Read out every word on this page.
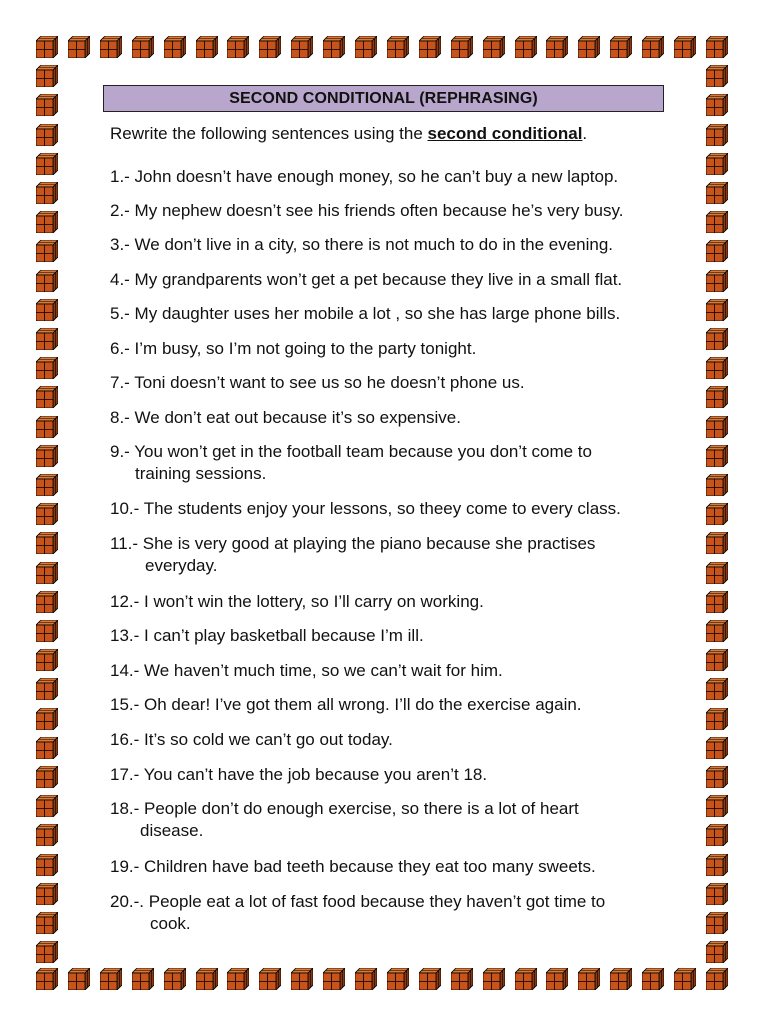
SECOND CONDITIONAL (REPHRASING)
Rewrite the following sentences using the second conditional.
1.- John doesn’t have enough money, so he can’t buy a new laptop.
2.- My nephew doesn’t see his friends often because he’s very busy.
3.- We don’t live in a city, so there is not much to do in the evening.
4.- My grandparents won’t get a pet because they live in a small flat.
5.- My daughter uses her mobile a lot , so she has large phone bills.
6.- I’m busy, so I’m not going to the party tonight.
7.- Toni doesn’t want to see us so he doesn’t phone us.
8.- We don’t eat out because it’s so expensive.
9.- You won’t get in the football team because you don’t come to
training sessions.
10.- The students enjoy your lessons, so theey come to every class.
11.- She is very good at playing the piano because she practises
everyday.
12.- I won’t win the lottery, so I’ll carry on working.
13.- I can’t play basketball because I’m ill.
14.- We haven’t much time, so we can’t wait for him.
15.- Oh dear! I’ve got them all wrong. I’ll do the exercise again.
16.- It’s so cold we can’t go out today.
17.- You can’t have the job because you aren’t 18.
18.- People don’t do enough exercise, so there is a lot of heart
disease.
19.- Children have bad teeth because they eat too many sweets.
20.-. People eat a lot of fast food because they haven’t got time to
cook.
